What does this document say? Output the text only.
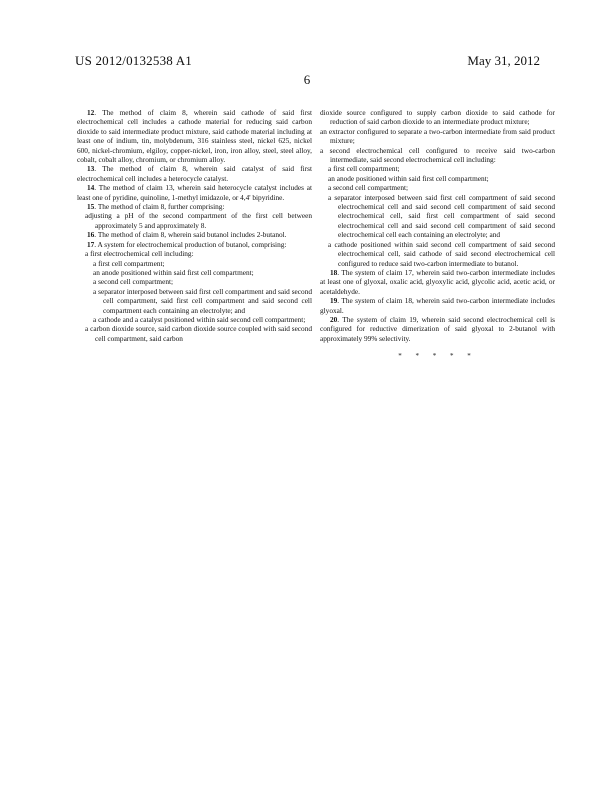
US 2012/0132538 A1	May 31, 2012
6

12. The method of claim 8, wherein said cathode of said first electrochemical cell includes a cathode material for reducing said carbon dioxide to said intermediate product mixture, said cathode material including at least one of indium, tin, molybdenum, 316 stainless steel, nickel 625, nickel 600, nickel-chromium, elgiloy, copper-nickel, iron, iron alloy, steel, steel alloy, cobalt, cobalt alloy, chromium, or chromium alloy.

13. The method of claim 8, wherein said catalyst of said first electrochemical cell includes a heterocycle catalyst.

14. The method of claim 13, wherein said heterocycle catalyst includes at least one of pyridine, quinoline, 1-methyl imidazole, or 4,4' bipyridine.

15. The method of claim 8, further comprising:

adjusting a pH of the second compartment of the first cell between approximately 5 and approximately 8.

16. The method of claim 8, wherein said butanol includes 2-butanol.

17. A system for electrochemical production of butanol, comprising:

a first electrochemical cell including:

a first cell compartment;

an anode positioned within said first cell compartment;

a second cell compartment;

a separator interposed between said first cell compartment and said second cell compartment, said first cell compartment and said second cell compartment each containing an electrolyte; and

a cathode and a catalyst positioned within said second cell compartment;

a carbon dioxide source, said carbon dioxide source coupled with said second cell compartment, said carbon

dioxide source configured to supply carbon dioxide to said cathode for reduction of said carbon dioxide to an intermediate product mixture;

an extractor configured to separate a two-carbon intermediate from said product mixture;

a second electrochemical cell configured to receive said two-carbon intermediate, said second electrochemical cell including:

a first cell compartment;

an anode positioned within said first cell compartment;

a second cell compartment;

a separator interposed between said first cell compartment of said second electrochemical cell and said second cell compartment of said second electrochemical cell, said first cell compartment of said second electrochemical cell and said second cell compartment of said second electrochemical cell each containing an electrolyte; and

a cathode positioned within said second cell compartment of said second electrochemical cell, said cathode of said second electrochemical cell configured to reduce said two-carbon intermediate to butanol.

18. The system of claim 17, wherein said two-carbon intermediate includes at least one of glyoxal, oxalic acid, glyoxylic acid, glycolic acid, acetic acid, or acetaldehyde.

19. The system of claim 18, wherein said two-carbon intermediate includes glyoxal.

20. The system of claim 19, wherein said second electrochemical cell is configured for reductive dimerization of said glyoxal to 2-butanol with approximately 99% selectivity.

* * * * *
